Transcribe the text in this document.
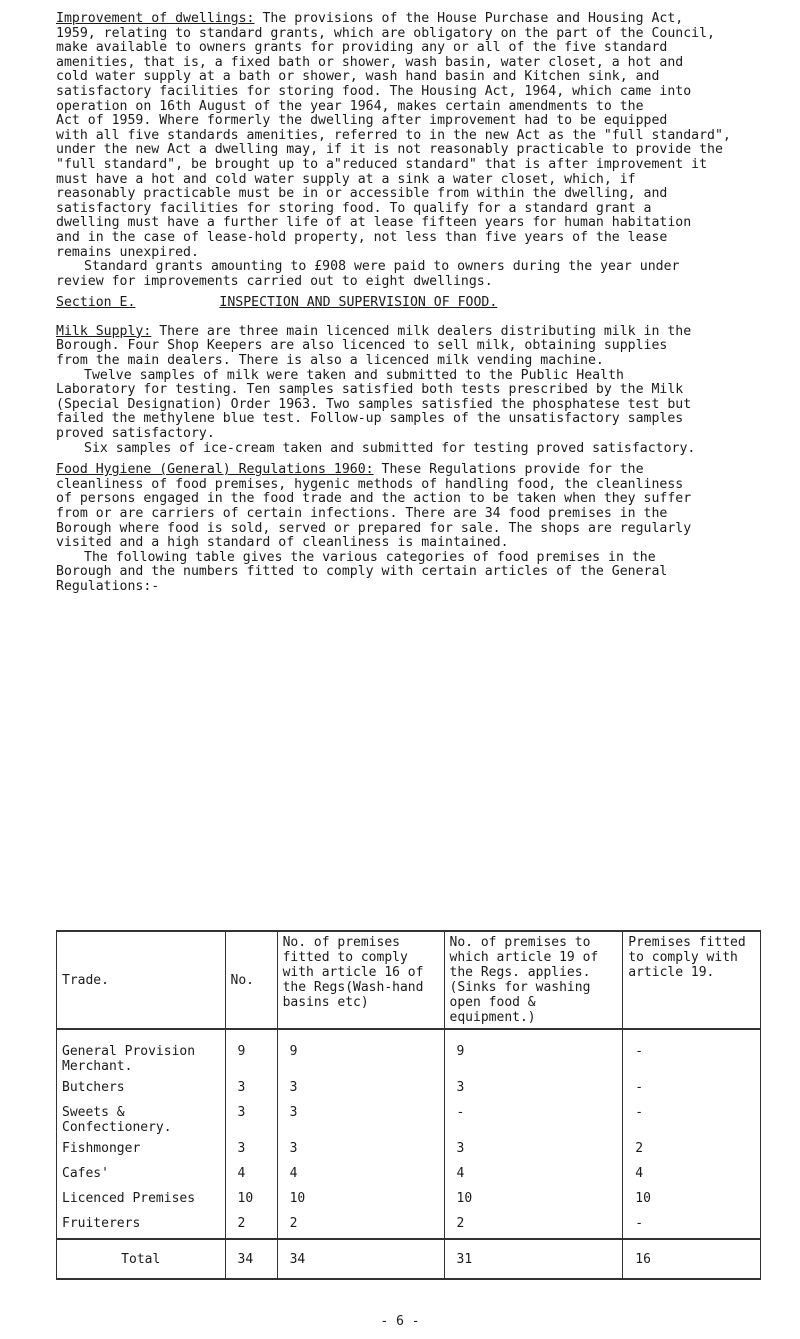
Improvement of dwellings: The provisions of the House Purchase and Housing Act,

1959, relating to standard grants, which are obligatory on the part of the Council,

make available to owners grants for providing any or all of the five standard

amenities, that is, a fixed bath or shower, wash basin, water closet, a hot and

cold water supply at a bath or shower, wash hand basin and Kitchen sink, and

satisfactory facilities for storing food. The Housing Act, 1964, which came into

operation on 16th August of the year 1964, makes certain amendments to the

Act of 1959. Where formerly the dwelling after improvement had to be equipped

with all five standards amenities, referred to in the new Act as the "full standard",

under the new Act a dwelling may, if it is not reasonably practicable to provide the

"full standard", be brought up to a"reduced standard" that is after improvement it

must have a hot and cold water supply at a sink a water closet, which, if

reasonably practicable must be in or accessible from within the dwelling, and

satisfactory facilities for storing food. To qualify for a standard grant a

dwelling must have a further life of at lease fifteen years for human habitation

and in the case of lease-hold property, not less than five years of the lease

remains unexpired.

Standard grants amounting to £908 were paid to owners during the year under

review for improvements carried out to eight dwellings.

Section E.	INSPECTION AND SUPERVISION OF FOOD.

Milk Supply: There are three main licenced milk dealers distributing milk in the

Borough. Four Shop Keepers are also licenced to sell milk, obtaining supplies

from the main dealers. There is also a licenced milk vending machine.

Twelve samples of milk were taken and submitted to the Public Health

Laboratory for testing. Ten samples satisfied both tests prescribed by the Milk

(Special Designation) Order 1963. Two samples satisfied the phosphatese test but

failed the methylene blue test. Follow-up samples of the unsatisfactory samples

proved satisfactory.

Six samples of ice-cream taken and submitted for testing proved satisfactory.

Food Hygiene (General) Regulations 1960: These Regulations provide for the

cleanliness of food premises, hygenic methods of handling food, the cleanliness

of persons engaged in the food trade and the action to be taken when they suffer

from or are carriers of certain infections. There are 34 food premises in the

Borough where food is sold, served or prepared for sale. The shops are regularly

visited and a high standard of cleanliness is maintained.

The following table gives the various categories of food premises in the

Borough and the numbers fitted to comply with certain articles of the General

Regulations:-

Trade.	No.	No. of premises fitted to comply with article 16 of the Regs(Wash-hand basins etc)	No. of premises to which article 19 of the Regs. applies.(Sinks for washing open food & equipment.)	Premises fitted to comply with article 19.
General Provision Merchant.	9	9	9	-
Butchers	3	3	3	-
Sweets & Confectionery.	3	3	-	-
Fishmonger	3	3	3	2
Cafes'	4	4	4	4
Licenced Premises	10	10	10	10
Fruiterers	2	2	2	-
Total	34	34	31	16
- 6 -
